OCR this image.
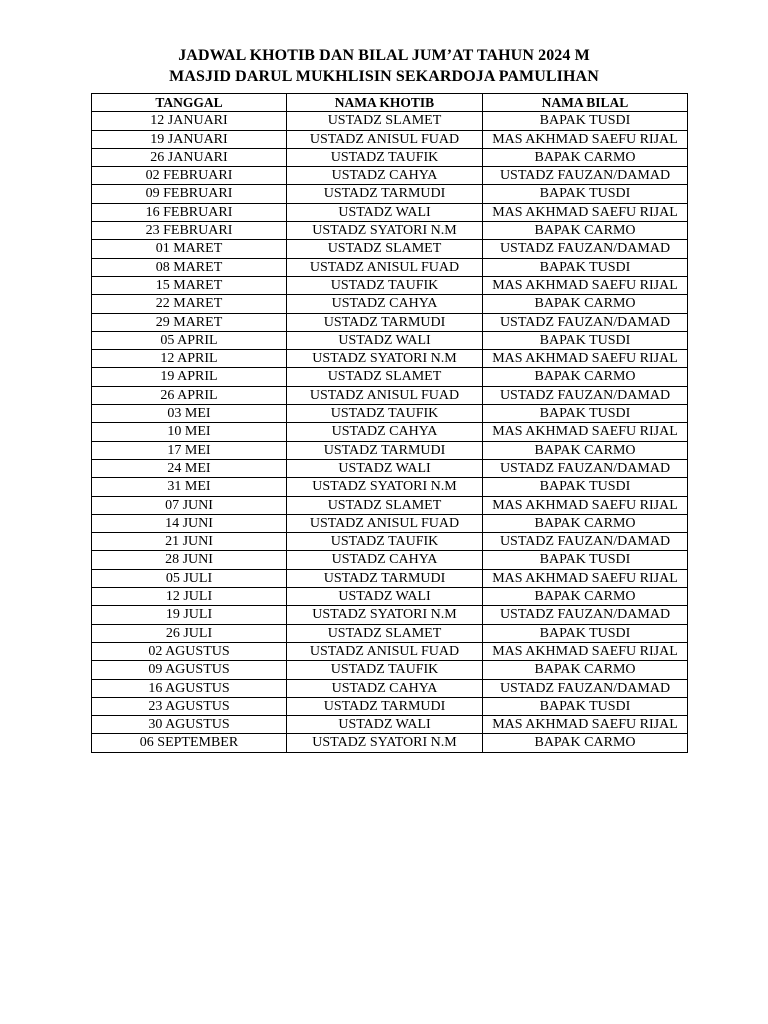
JADWAL KHOTIB DAN BILAL JUM’AT TAHUN 2024 M
MASJID DARUL MUKHLISIN SEKARDOJA PAMULIHAN
TANGGAL	NAMA KHOTIB	NAMA BILAL
12 JANUARI	USTADZ SLAMET	BAPAK TUSDI
19 JANUARI	USTADZ ANISUL FUAD	MAS AKHMAD SAEFU RIJAL
26 JANUARI	USTADZ TAUFIK	BAPAK CARMO
02 FEBRUARI	USTADZ CAHYA	USTADZ FAUZAN/DAMAD
09 FEBRUARI	USTADZ TARMUDI	BAPAK TUSDI
16 FEBRUARI	USTADZ WALI	MAS AKHMAD SAEFU RIJAL
23 FEBRUARI	USTADZ SYATORI N.M	BAPAK CARMO
01 MARET	USTADZ SLAMET	USTADZ FAUZAN/DAMAD
08 MARET	USTADZ ANISUL FUAD	BAPAK TUSDI
15 MARET	USTADZ TAUFIK	MAS AKHMAD SAEFU RIJAL
22 MARET	USTADZ CAHYA	BAPAK CARMO
29 MARET	USTADZ TARMUDI	USTADZ FAUZAN/DAMAD
05 APRIL	USTADZ WALI	BAPAK TUSDI
12 APRIL	USTADZ SYATORI N.M	MAS AKHMAD SAEFU RIJAL
19 APRIL	USTADZ SLAMET	BAPAK CARMO
26 APRIL	USTADZ ANISUL FUAD	USTADZ FAUZAN/DAMAD
03 MEI	USTADZ TAUFIK	BAPAK TUSDI
10 MEI	USTADZ CAHYA	MAS AKHMAD SAEFU RIJAL
17 MEI	USTADZ TARMUDI	BAPAK CARMO
24 MEI	USTADZ WALI	USTADZ FAUZAN/DAMAD
31 MEI	USTADZ SYATORI N.M	BAPAK TUSDI
07 JUNI	USTADZ SLAMET	MAS AKHMAD SAEFU RIJAL
14 JUNI	USTADZ ANISUL FUAD	BAPAK CARMO
21 JUNI	USTADZ TAUFIK	USTADZ FAUZAN/DAMAD
28 JUNI	USTADZ CAHYA	BAPAK TUSDI
05 JULI	USTADZ TARMUDI	MAS AKHMAD SAEFU RIJAL
12 JULI	USTADZ WALI	BAPAK CARMO
19 JULI	USTADZ SYATORI N.M	USTADZ FAUZAN/DAMAD
26 JULI	USTADZ SLAMET	BAPAK TUSDI
02 AGUSTUS	USTADZ ANISUL FUAD	MAS AKHMAD SAEFU RIJAL
09 AGUSTUS	USTADZ TAUFIK	BAPAK CARMO
16 AGUSTUS	USTADZ CAHYA	USTADZ FAUZAN/DAMAD
23 AGUSTUS	USTADZ TARMUDI	BAPAK TUSDI
30 AGUSTUS	USTADZ WALI	MAS AKHMAD SAEFU RIJAL
06 SEPTEMBER	USTADZ SYATORI N.M	BAPAK CARMO
